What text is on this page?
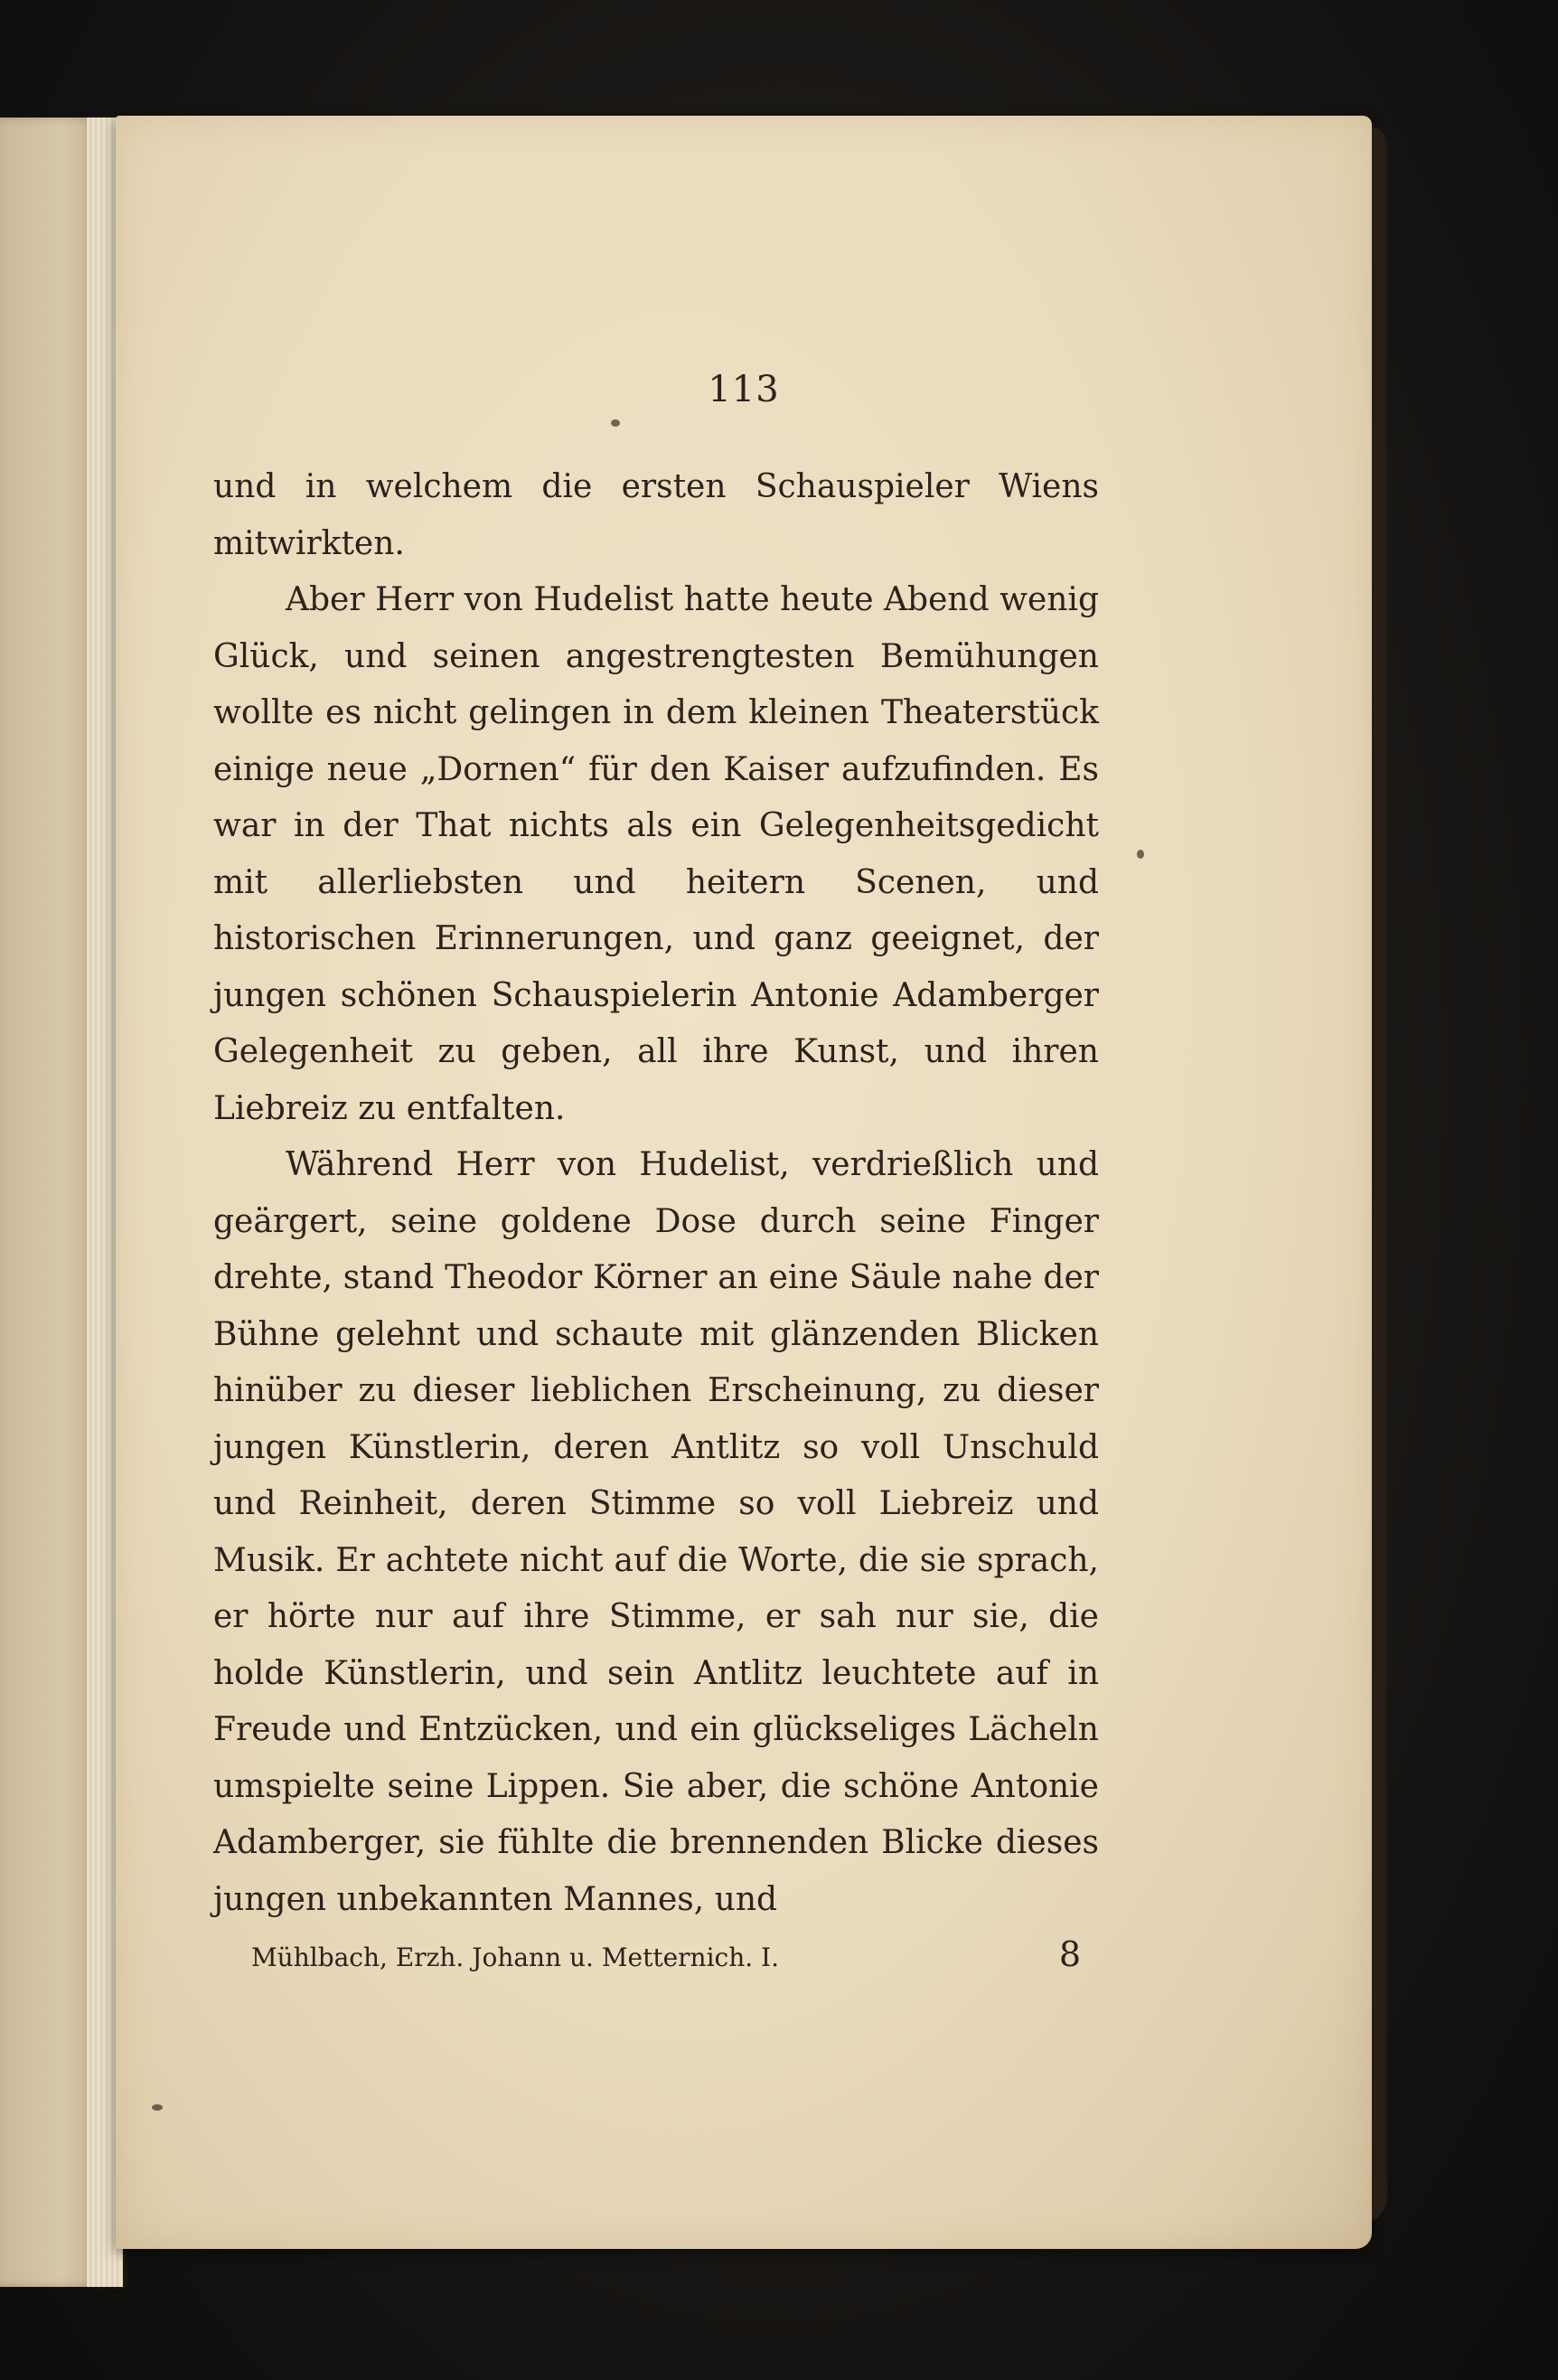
113

und in welchem die ersten Schauspieler Wiens mitwirkten.

Aber Herr von Hudelist hatte heute Abend wenig Glück, und seinen angestrengtesten Bemühungen wollte es nicht gelingen in dem kleinen Theaterstück einige neue „Dornen“ für den Kaiser aufzufinden. Es war in der That nichts als ein Gelegenheitsgedicht mit allerliebsten und heitern Scenen, und historischen Erinnerungen, und ganz geeignet, der jungen schönen Schauspielerin Antonie Adamberger Gelegenheit zu geben, all ihre Kunst, und ihren Liebreiz zu entfalten.

Während Herr von Hudelist, verdrießlich und geärgert, seine goldene Dose durch seine Finger drehte, stand Theodor Körner an eine Säule nahe der Bühne gelehnt und schaute mit glänzenden Blicken hinüber zu dieser lieblichen Erscheinung, zu dieser jungen Künstlerin, deren Antlitz so voll Unschuld und Reinheit, deren Stimme so voll Liebreiz und Musik. Er achtete nicht auf die Worte, die sie sprach, er hörte nur auf ihre Stimme, er sah nur sie, die holde Künstlerin, und sein Antlitz leuchtete auf in Freude und Entzücken, und ein glückseliges Lächeln umspielte seine Lippen. Sie aber, die schöne Antonie Adamberger, sie fühlte die brennenden Blicke dieses jungen unbekannten Mannes, und

Mühlbach, Erzh. Johann u. Metternich. I.	8
